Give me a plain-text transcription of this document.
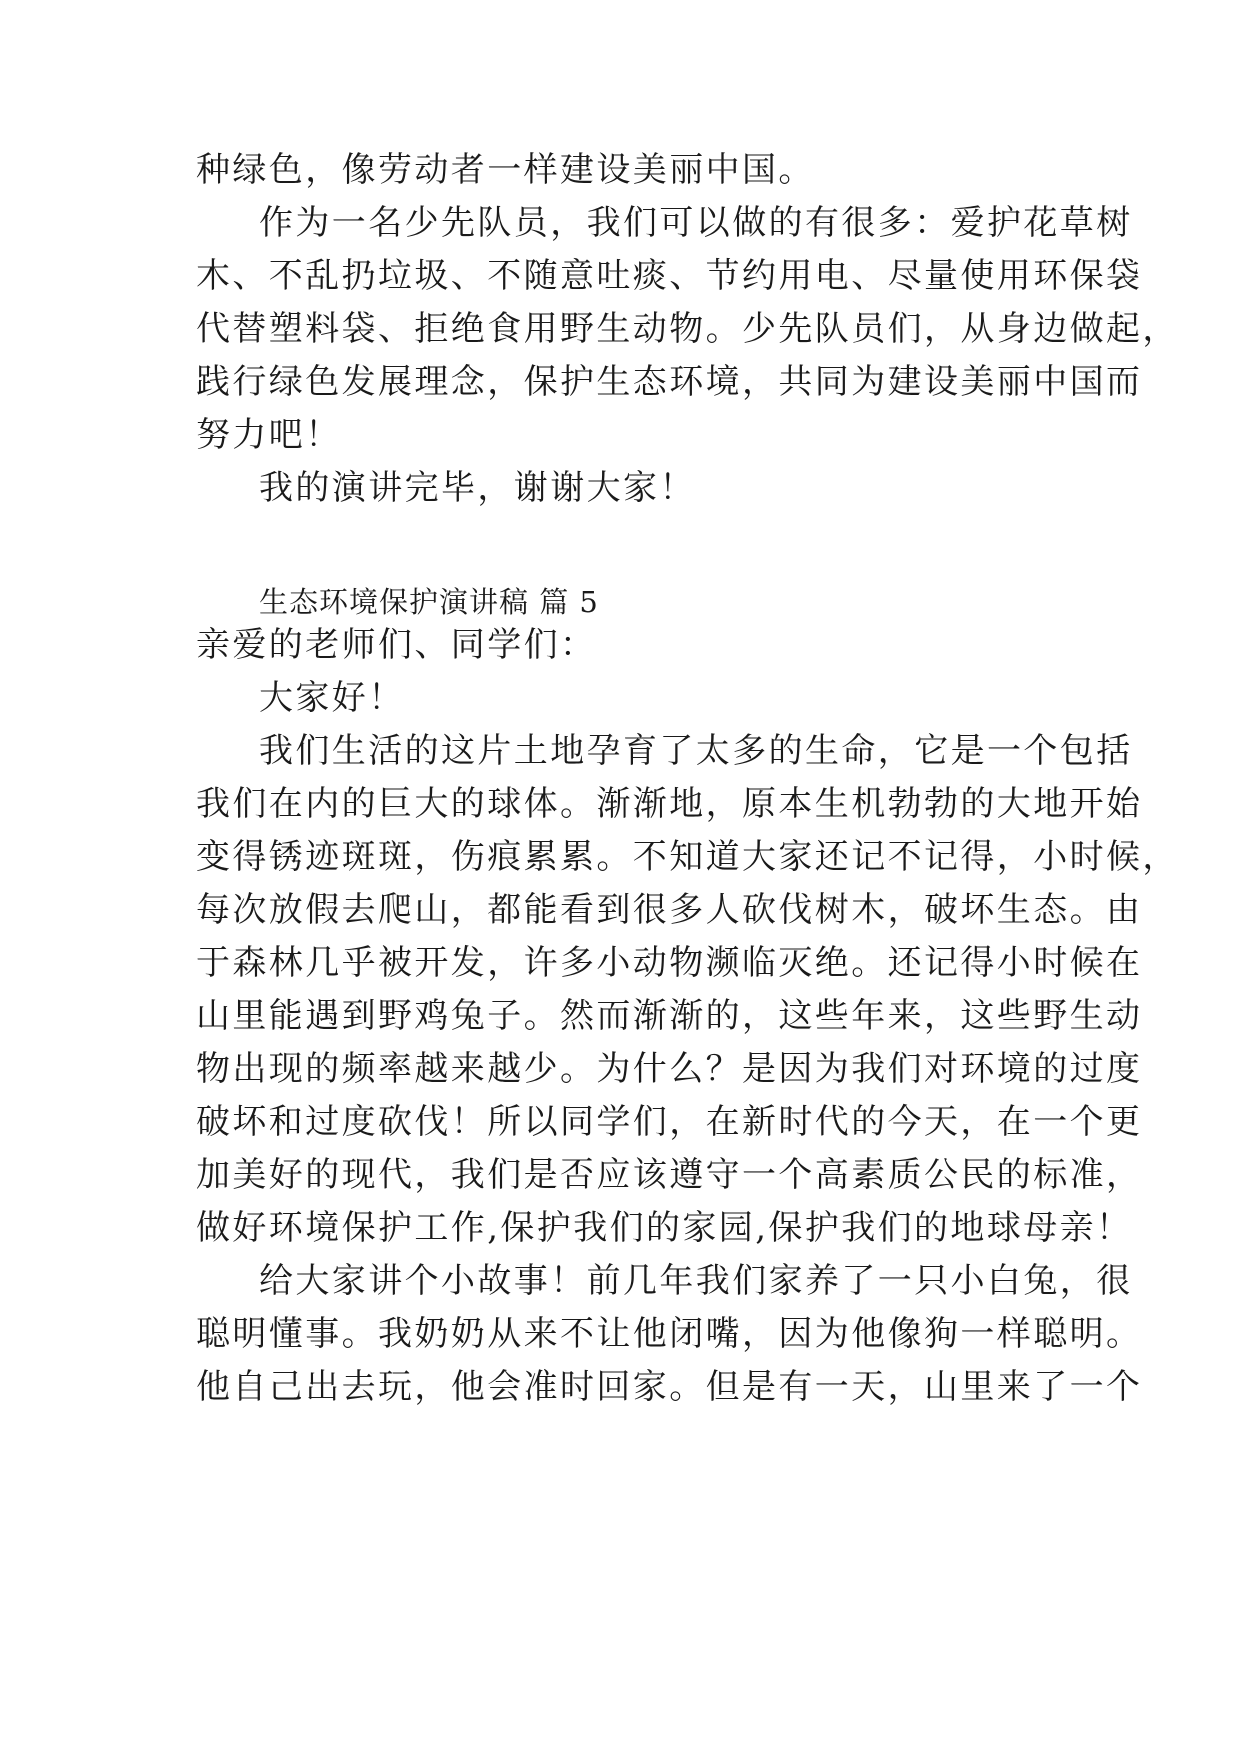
种绿色，像劳动者一样建设美丽中国。
作为一名少先队员，我们可以做的有很多：爱护花草树
木、不乱扔垃圾、不随意吐痰、节约用电、尽量使用环保袋
代替塑料袋、拒绝食用野生动物。少先队员们，从身边做起，
践行绿色发展理念，保护生态环境，共同为建设美丽中国而
努力吧！
我的演讲完毕，谢谢大家！
生态环境保护演讲稿 篇 5
亲爱的老师们、同学们：
大家好！
我们生活的这片土地孕育了太多的生命，它是一个包括
我们在内的巨大的球体。渐渐地，原本生机勃勃的大地开始
变得锈迹斑斑，伤痕累累。不知道大家还记不记得，小时候，
每次放假去爬山，都能看到很多人砍伐树木，破坏生态。由
于森林几乎被开发，许多小动物濒临灭绝。还记得小时候在
山里能遇到野鸡兔子。然而渐渐的，这些年来，这些野生动
物出现的频率越来越少。为什么？是因为我们对环境的过度
破坏和过度砍伐！所以同学们，在新时代的今天，在一个更
加美好的现代，我们是否应该遵守一个高素质公民的标准，
做好环境保护工作,保护我们的家园,保护我们的地球母亲！
给大家讲个小故事！前几年我们家养了一只小白兔，很
聪明懂事。我奶奶从来不让他闭嘴，因为他像狗一样聪明。
他自己出去玩，他会准时回家。但是有一天，山里来了一个
